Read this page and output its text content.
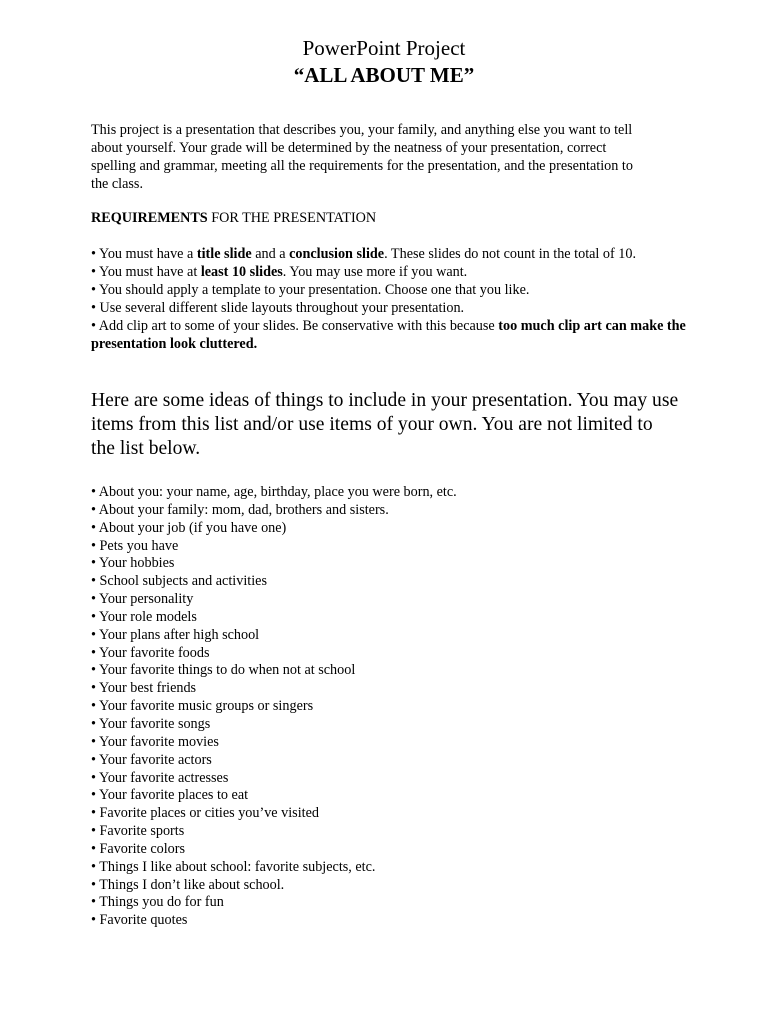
PowerPoint Project
“ALL ABOUT ME”

This project is a presentation that describes you, your family, and anything else you want to tell about yourself. Your grade will be determined by the neatness of your presentation, correct spelling and grammar, meeting all the requirements for the presentation, and the presentation to the class.

REQUIREMENTS FOR THE PRESENTATION

• You must have a title slide and a conclusion slide. These slides do not count in the total of 10.
• You must have at least 10 slides. You may use more if you want.
• You should apply a template to your presentation. Choose one that you like.
• Use several different slide layouts throughout your presentation.
• Add clip art to some of your slides. Be conservative with this because too much clip art can make the presentation look cluttered.

Here are some ideas of things to include in your presentation. You may use items from this list and/or use items of your own. You are not limited to the list below.

• About you: your name, age, birthday, place you were born, etc.
• About your family: mom, dad, brothers and sisters.
• About your job (if you have one)
• Pets you have
• Your hobbies
• School subjects and activities
• Your personality
• Your role models
• Your plans after high school
• Your favorite foods
• Your favorite things to do when not at school
• Your best friends
• Your favorite music groups or singers
• Your favorite songs
• Your favorite movies
• Your favorite actors
• Your favorite actresses
• Your favorite places to eat
• Favorite places or cities you’ve visited
• Favorite sports
• Favorite colors
• Things I like about school: favorite subjects, etc.
• Things I don’t like about school.
• Things you do for fun
• Favorite quotes
